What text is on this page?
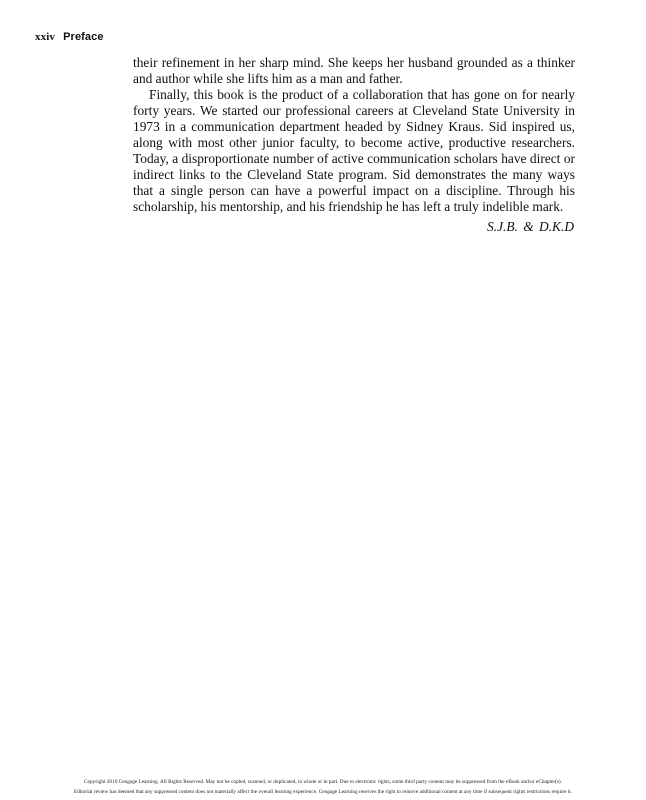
xxiv Preface

their refinement in her sharp mind. She keeps her husband grounded as a thinker and author while she lifts him as a man and father.

Finally, this book is the product of a collaboration that has gone on for nearly forty years. We started our professional careers at Cleveland State University in 1973 in a communication department headed by Sidney Kraus. Sid inspired us, along with most other junior faculty, to become active, productive researchers. Today, a disproportionate number of active communication scholars have direct or indirect links to the Cleveland State program. Sid demonstrates the many ways that a single person can have a powerful impact on a discipline. Through his scholarship, his mentorship, and his friendship he has left a truly indelible mark.

S.J.B. & D.K.D
Copyright 2010 Cengage Learning. All Rights Reserved. May not be copied, scanned, or duplicated, in whole or in part. Due to electronic rights, some third party content may be suppressed from the eBook and/or eChapter(s).
Editorial review has deemed that any suppressed content does not materially affect the overall learning experience. Cengage Learning reserves the right to remove additional content at any time if subsequent rights restrictions require it.
